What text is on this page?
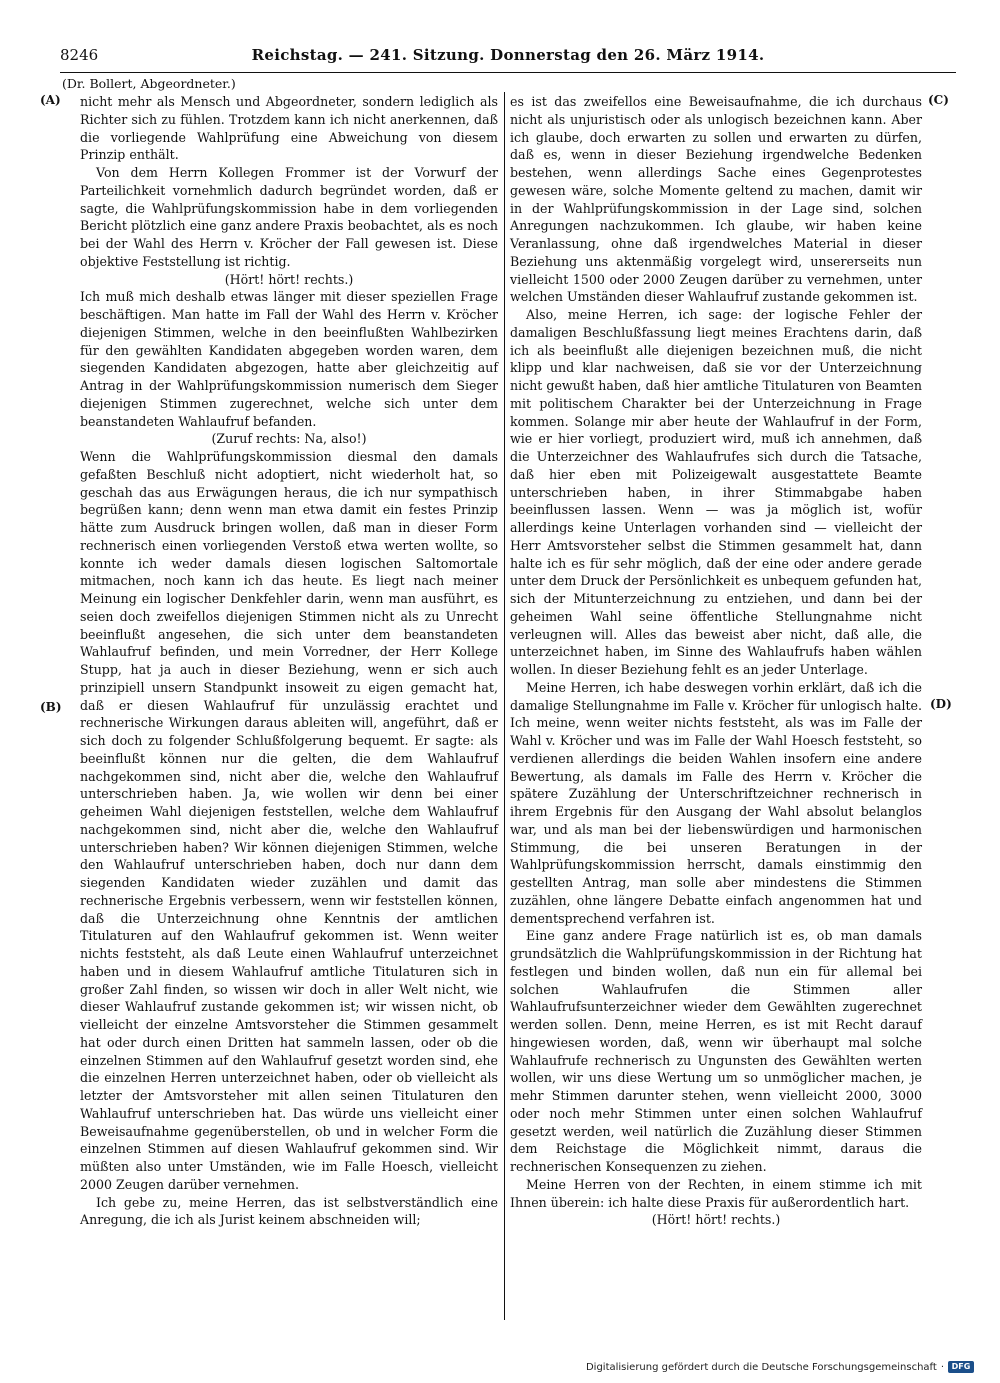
8246	Reichstag. — 241. Sitzung. Donnerstag den 26. März 1914.
(Dr. Bollert, Abgeordneter.)
(A)	(C)
(B)	(D)

nicht mehr als Mensch und Abgeordneter, sondern lediglich als Richter sich zu fühlen. Trotzdem kann ich nicht anerkennen, daß die vorliegende Wahlprüfung eine Abweichung von diesem Prinzip enthält.

Von dem Herrn Kollegen Frommer ist der Vorwurf der Parteilichkeit vornehmlich dadurch begründet worden, daß er sagte, die Wahlprüfungskommission habe in dem vorliegenden Bericht plötzlich eine ganz andere Praxis beobachtet, als es noch bei der Wahl des Herrn v. Kröcher der Fall gewesen ist. Diese objektive Feststellung ist richtig.

(Hört! hört! rechts.)

Ich muß mich deshalb etwas länger mit dieser speziellen Frage beschäftigen. Man hatte im Fall der Wahl des Herrn v. Kröcher diejenigen Stimmen, welche in den beeinflußten Wahlbezirken für den gewählten Kandidaten abgegeben worden waren, dem siegenden Kandidaten abgezogen, hatte aber gleichzeitig auf Antrag in der Wahlprüfungskommission numerisch dem Sieger diejenigen Stimmen zugerechnet, welche sich unter dem beanstandeten Wahlaufruf befanden.

(Zuruf rechts: Na, also!)

Wenn die Wahlprüfungskommission diesmal den damals gefaßten Beschluß nicht adoptiert, nicht wiederholt hat, so geschah das aus Erwägungen heraus, die ich nur sympathisch begrüßen kann; denn wenn man etwa damit ein festes Prinzip hätte zum Ausdruck bringen wollen, daß man in dieser Form rechnerisch einen vorliegenden Verstoß etwa werten wollte, so konnte ich weder damals diesen logischen Saltomortale mitmachen, noch kann ich das heute. Es liegt nach meiner Meinung ein logischer Denkfehler darin, wenn man ausführt, es seien doch zweifellos diejenigen Stimmen nicht als zu Unrecht beeinflußt angesehen, die sich unter dem beanstandeten Wahlaufruf befinden, und mein Vorredner, der Herr Kollege Stupp, hat ja auch in dieser Beziehung, wenn er sich auch prinzipiell unsern Standpunkt insoweit zu eigen gemacht hat, daß er diesen Wahlaufruf für unzulässig erachtet und rechnerische Wirkungen daraus ableiten will, angeführt, daß er sich doch zu folgender Schlußfolgerung bequemt. Er sagte: als beeinflußt können nur die gelten, die dem Wahlaufruf nachgekommen sind, nicht aber die, welche den Wahlaufruf unterschrieben haben. Ja, wie wollen wir denn bei einer geheimen Wahl diejenigen feststellen, welche dem Wahlaufruf nachgekommen sind, nicht aber die, welche den Wahlaufruf unterschrieben haben? Wir können diejenigen Stimmen, welche den Wahlaufruf unterschrieben haben, doch nur dann dem siegenden Kandidaten wieder zuzählen und damit das rechnerische Ergebnis verbessern, wenn wir feststellen können, daß die Unterzeichnung ohne Kenntnis der amtlichen Titulaturen auf den Wahlaufruf gekommen ist. Wenn weiter nichts feststeht, als daß Leute einen Wahlaufruf unterzeichnet haben und in diesem Wahlaufruf amtliche Titulaturen sich in großer Zahl finden, so wissen wir doch in aller Welt nicht, wie dieser Wahlaufruf zustande gekommen ist; wir wissen nicht, ob vielleicht der einzelne Amtsvorsteher die Stimmen gesammelt hat oder durch einen Dritten hat sammeln lassen, oder ob die einzelnen Stimmen auf den Wahlaufruf gesetzt worden sind, ehe die einzelnen Herren unterzeichnet haben, oder ob vielleicht als letzter der Amtsvorsteher mit allen seinen Titulaturen den Wahlaufruf unterschrieben hat. Das würde uns vielleicht einer Beweisaufnahme gegenüberstellen, ob und in welcher Form die einzelnen Stimmen auf diesen Wahlaufruf gekommen sind. Wir müßten also unter Umständen, wie im Falle Hoesch, vielleicht 2000 Zeugen darüber vernehmen.

Ich gebe zu, meine Herren, das ist selbstverständlich eine Anregung, die ich als Jurist keinem abschneiden will;

es ist das zweifellos eine Beweisaufnahme, die ich durchaus nicht als unjuristisch oder als unlogisch bezeichnen kann. Aber ich glaube, doch erwarten zu sollen und erwarten zu dürfen, daß es, wenn in dieser Beziehung irgendwelche Bedenken bestehen, wenn allerdings Sache eines Gegenprotestes gewesen wäre, solche Momente geltend zu machen, damit wir in der Wahlprüfungskommission in der Lage sind, solchen Anregungen nachzukommen. Ich glaube, wir haben keine Veranlassung, ohne daß irgendwelches Material in dieser Beziehung uns aktenmäßig vorgelegt wird, unsererseits nun vielleicht 1500 oder 2000 Zeugen darüber zu vernehmen, unter welchen Umständen dieser Wahlaufruf zustande gekommen ist.

Also, meine Herren, ich sage: der logische Fehler der damaligen Beschlußfassung liegt meines Erachtens darin, daß ich als beeinflußt alle diejenigen bezeichnen muß, die nicht klipp und klar nachweisen, daß sie vor der Unterzeichnung nicht gewußt haben, daß hier amtliche Titulaturen von Beamten mit politischem Charakter bei der Unterzeichnung in Frage kommen. Solange mir aber heute der Wahlaufruf in der Form, wie er hier vorliegt, produziert wird, muß ich annehmen, daß die Unterzeichner des Wahlaufrufes sich durch die Tatsache, daß hier eben mit Polizeigewalt ausgestattete Beamte unterschrieben haben, in ihrer Stimmabgabe haben beeinflussen lassen. Wenn — was ja möglich ist, wofür allerdings keine Unterlagen vorhanden sind — vielleicht der Herr Amtsvorsteher selbst die Stimmen gesammelt hat, dann halte ich es für sehr möglich, daß der eine oder andere gerade unter dem Druck der Persönlichkeit es unbequem gefunden hat, sich der Mitunterzeichnung zu entziehen, und dann bei der geheimen Wahl seine öffentliche Stellungnahme nicht verleugnen will. Alles das beweist aber nicht, daß alle, die unterzeichnet haben, im Sinne des Wahlaufrufs haben wählen wollen. In dieser Beziehung fehlt es an jeder Unterlage.

Meine Herren, ich habe deswegen vorhin erklärt, daß ich die damalige Stellungnahme im Falle v. Kröcher für unlogisch halte. Ich meine, wenn weiter nichts feststeht, als was im Falle der Wahl v. Kröcher und was im Falle der Wahl Hoesch feststeht, so verdienen allerdings die beiden Wahlen insofern eine andere Bewertung, als damals im Falle des Herrn v. Kröcher die spätere Zuzählung der Unterschriftzeichner rechnerisch in ihrem Ergebnis für den Ausgang der Wahl absolut belanglos war, und als man bei der liebenswürdigen und harmonischen Stimmung, die bei unseren Beratungen in der Wahlprüfungskommission herrscht, damals einstimmig den gestellten Antrag, man solle aber mindestens die Stimmen zuzählen, ohne längere Debatte einfach angenommen hat und dementsprechend verfahren ist.

Eine ganz andere Frage natürlich ist es, ob man damals grundsätzlich die Wahlprüfungskommission in der Richtung hat festlegen und binden wollen, daß nun ein für allemal bei solchen Wahlaufrufen die Stimmen aller Wahlaufrufsunterzeichner wieder dem Gewählten zugerechnet werden sollen. Denn, meine Herren, es ist mit Recht darauf hingewiesen worden, daß, wenn wir überhaupt mal solche Wahlaufrufe rechnerisch zu Ungunsten des Gewählten werten wollen, wir uns diese Wertung um so unmöglicher machen, je mehr Stimmen darunter stehen, wenn vielleicht 2000, 3000 oder noch mehr Stimmen unter einen solchen Wahlaufruf gesetzt werden, weil natürlich die Zuzählung dieser Stimmen dem Reichstage die Möglichkeit nimmt, daraus die rechnerischen Konsequenzen zu ziehen.

Meine Herren von der Rechten, in einem stimme ich mit Ihnen überein: ich halte diese Praxis für außerordentlich hart.

(Hört! hört! rechts.)

Digitalisierung gefördert durch die Deutsche Forschungsgemeinschaft · DFG
